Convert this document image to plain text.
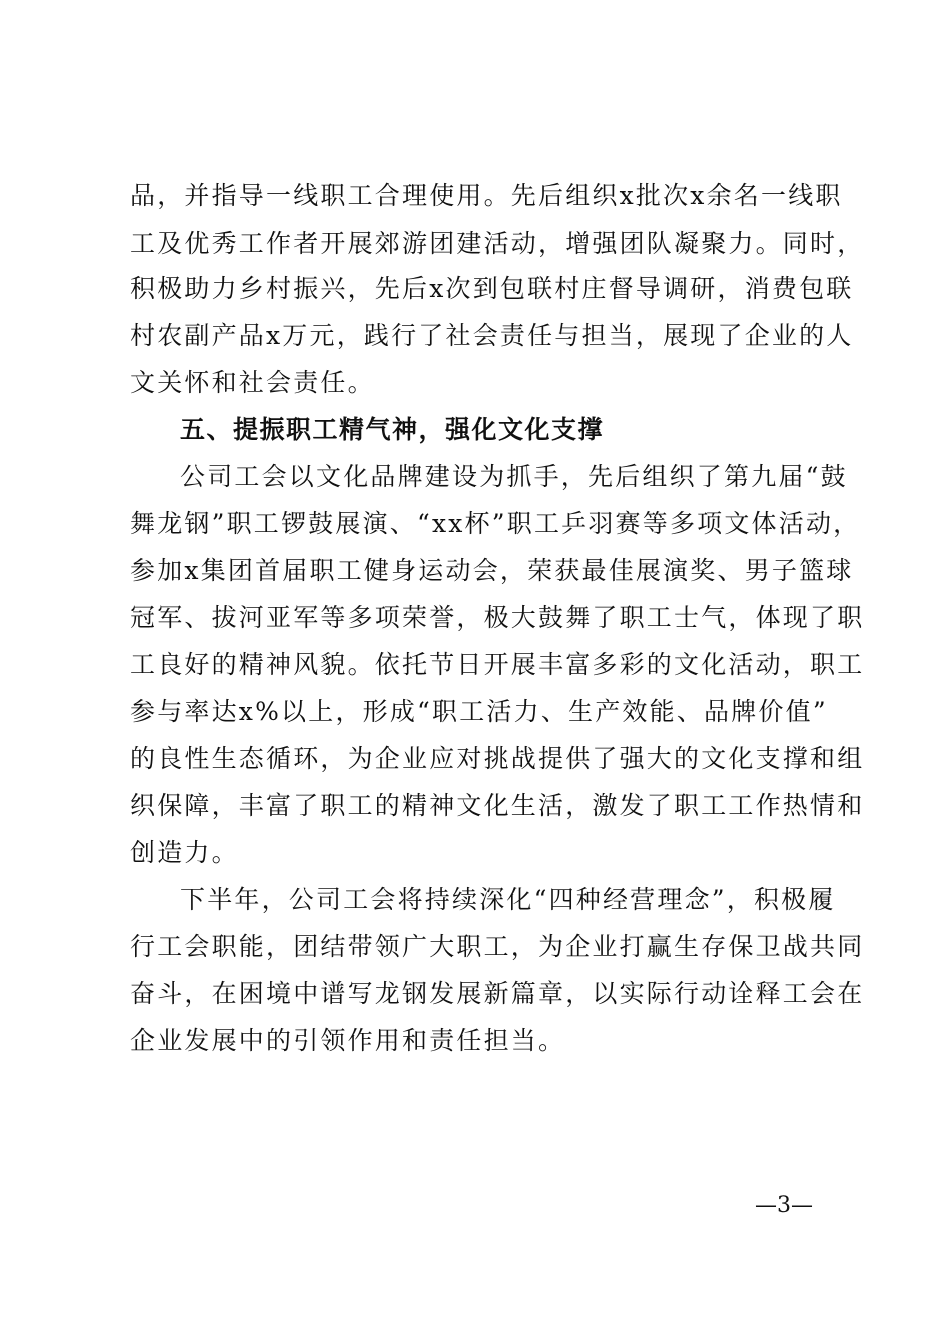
品，并指导一线职工合理使用。先后组织x批次x余名一线职
工及优秀工作者开展郊游团建活动，增强团队凝聚力。同时，
积极助力乡村振兴，先后x次到包联村庄督导调研，消费包联
村农副产品x万元，践行了社会责任与担当，展现了企业的人
文关怀和社会责任。
五、提振职工精气神，强化文化支撑
公司工会以文化品牌建设为抓手，先后组织了第九届“鼓
舞龙钢”职工锣鼓展演、“xx杯”职工乒羽赛等多项文体活动，
参加x集团首届职工健身运动会，荣获最佳展演奖、男子篮球
冠军、拔河亚军等多项荣誉，极大鼓舞了职工士气，体现了职
工良好的精神风貌。依托节日开展丰富多彩的文化活动，职工
参与率达x%以上，形成“职工活力、生产效能、品牌价值”
的良性生态循环，为企业应对挑战提供了强大的文化支撑和组
织保障，丰富了职工的精神文化生活，激发了职工工作热情和
创造力。
下半年，公司工会将持续深化“四种经营理念”，积极履
行工会职能，团结带领广大职工，为企业打赢生存保卫战共同
奋斗，在困境中谱写龙钢发展新篇章，以实际行动诠释工会在
企业发展中的引领作用和责任担当。
—3—
